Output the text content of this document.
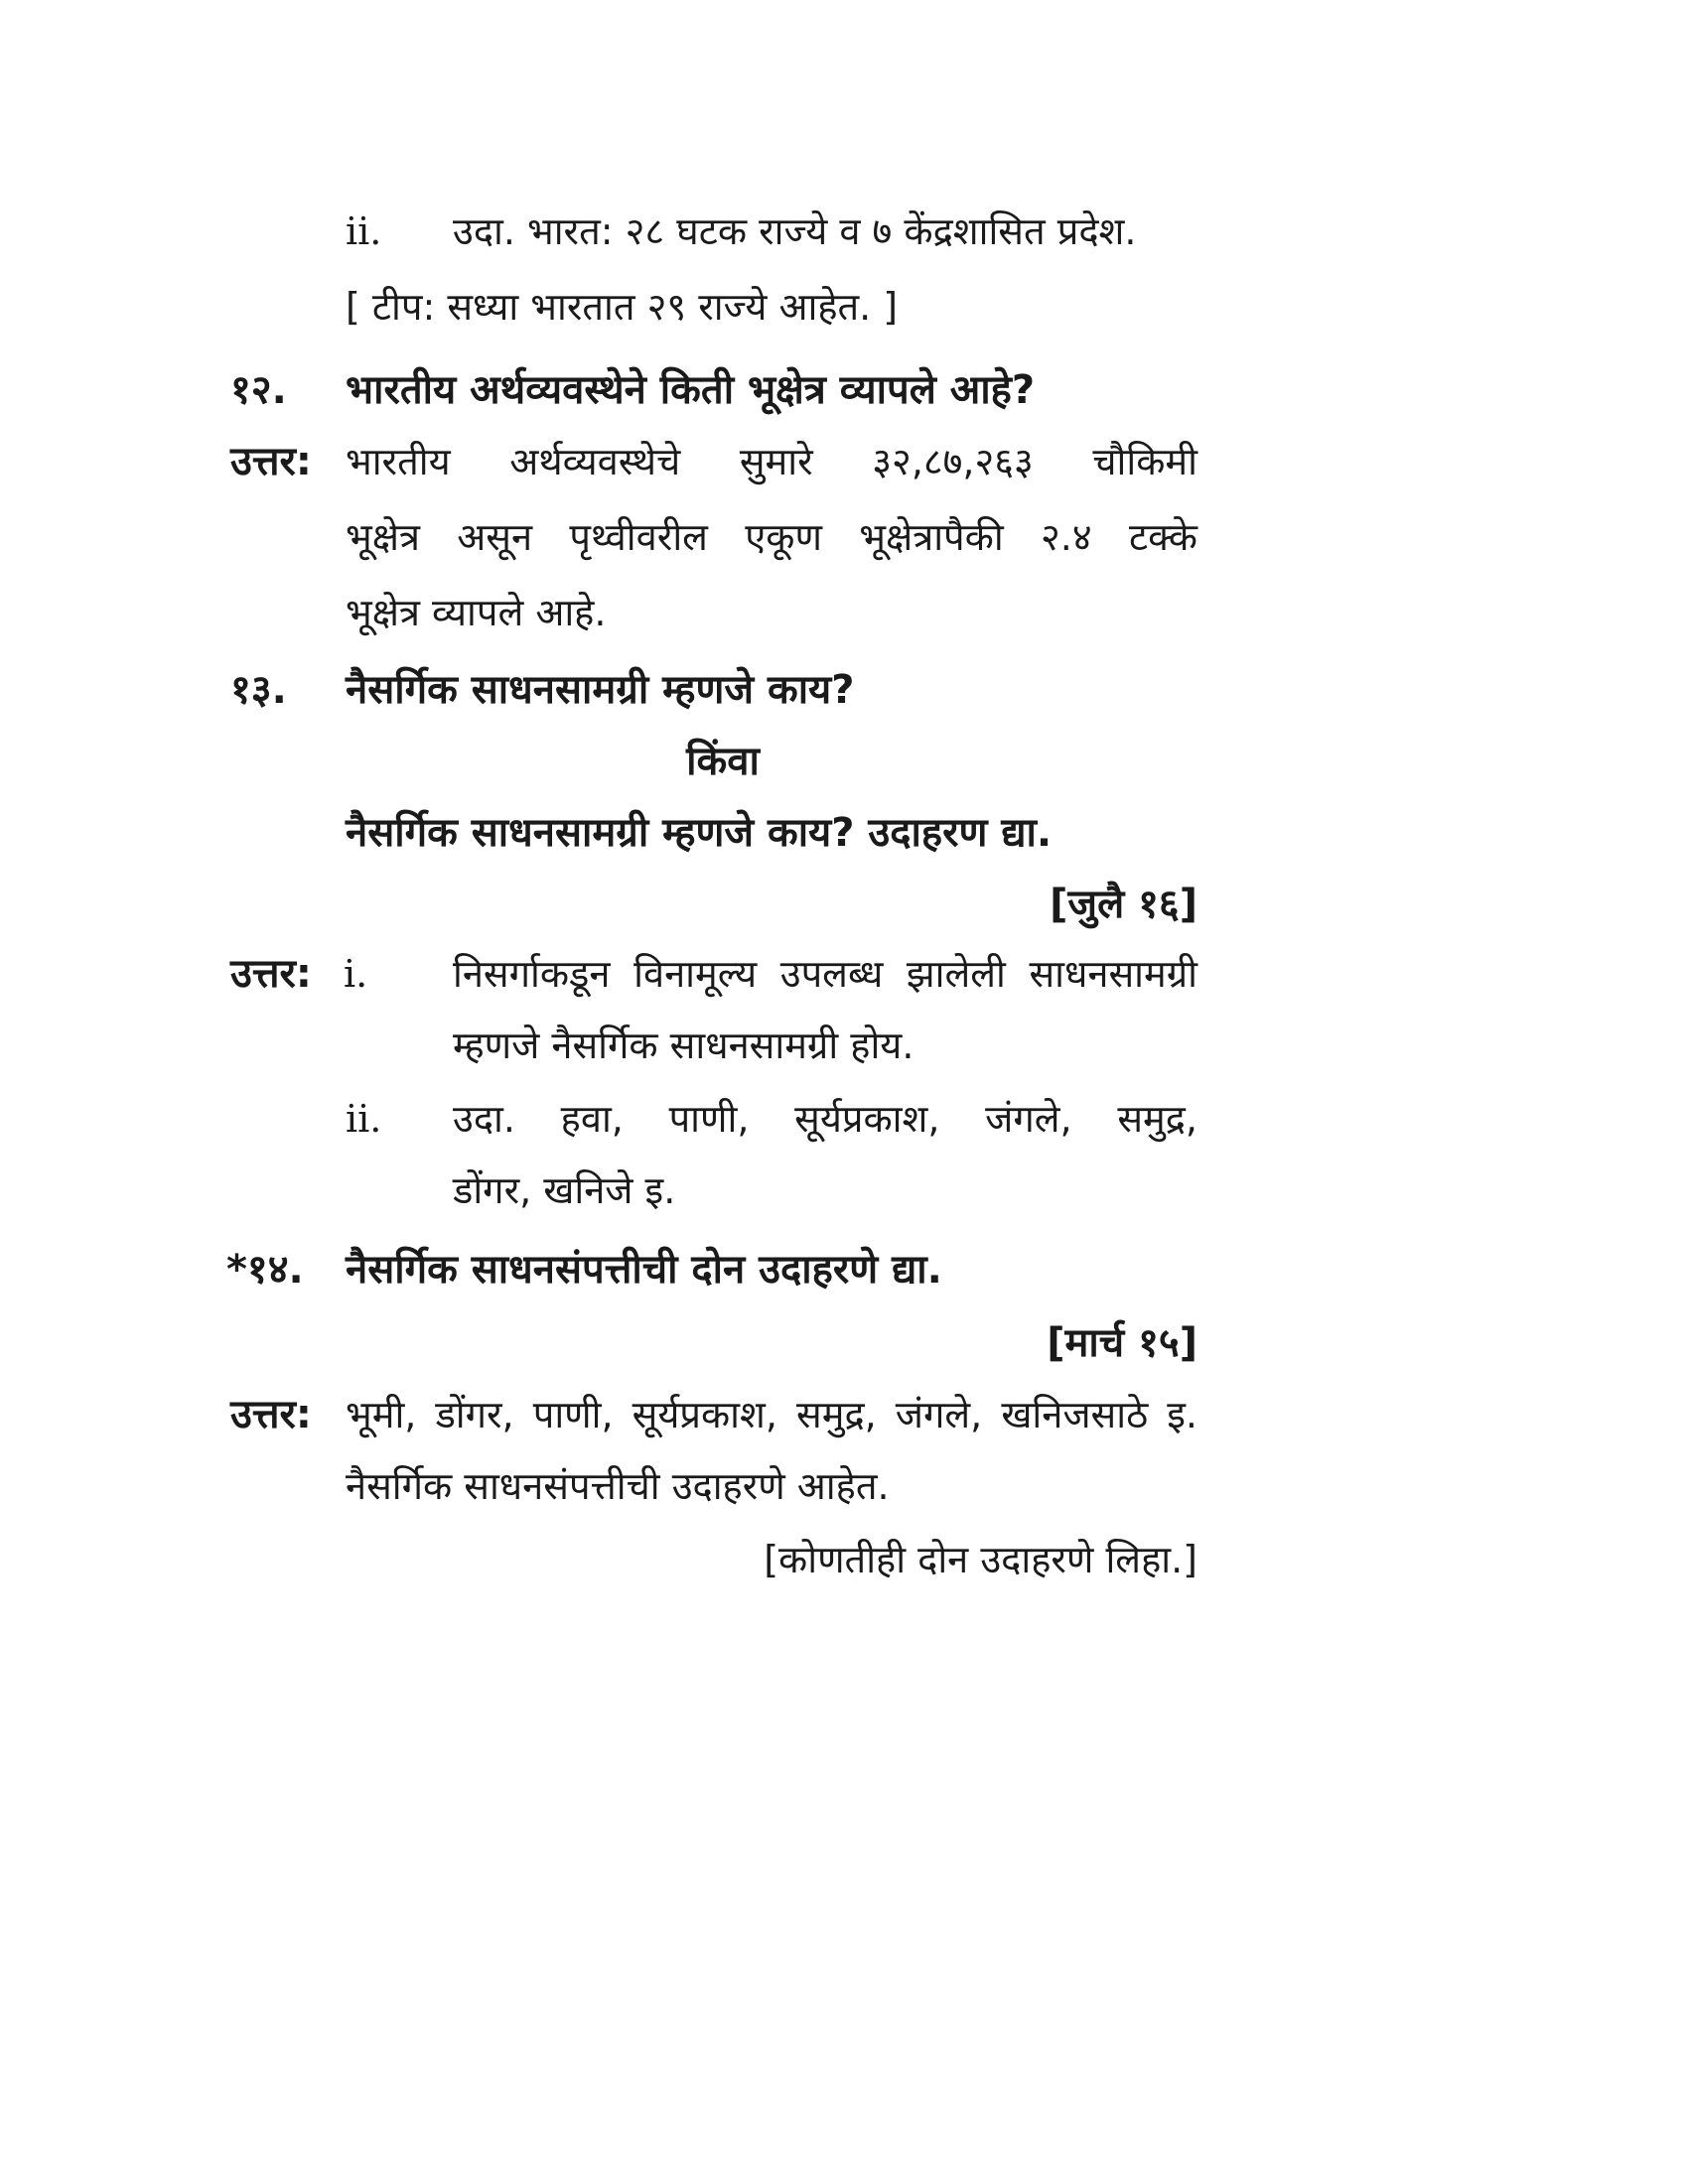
ii. उदा. भारत: २८ घटक राज्ये व ७ केंद्रशासित प्रदेश.
[ टीप: सध्या भारतात २९ राज्ये आहेत. ]
१२. भारतीय अर्थव्यवस्थेने किती भूक्षेत्र व्यापले आहे?
उत्तर: भारतीय अर्थव्यवस्थेचे सुमारे ३२,८७,२६३ चौकिमी
भूक्षेत्र असून पृथ्वीवरील एकूण भूक्षेत्रापैकी २.४ टक्के
भूक्षेत्र व्यापले आहे.
१३. नैसर्गिक साधनसामग्री म्हणजे काय?
किंवा
नैसर्गिक साधनसामग्री म्हणजे काय? उदाहरण द्या.
[जुलै १६]
उत्तर: i. निसर्गाकडून विनामूल्य उपलब्ध झालेली साधनसामग्री
म्हणजे नैसर्गिक साधनसामग्री होय.
ii. उदा. हवा, पाणी, सूर्यप्रकाश, जंगले, समुद्र,
डोंगर, खनिजे इ.
*१४. नैसर्गिक साधनसंपत्तीची दोन उदाहरणे द्या.
[मार्च १५]
उत्तर: भूमी, डोंगर, पाणी, सूर्यप्रकाश, समुद्र, जंगले, खनिजसाठे इ.
नैसर्गिक साधनसंपत्तीची उदाहरणे आहेत.
[कोणतीही दोन उदाहरणे लिहा.]
